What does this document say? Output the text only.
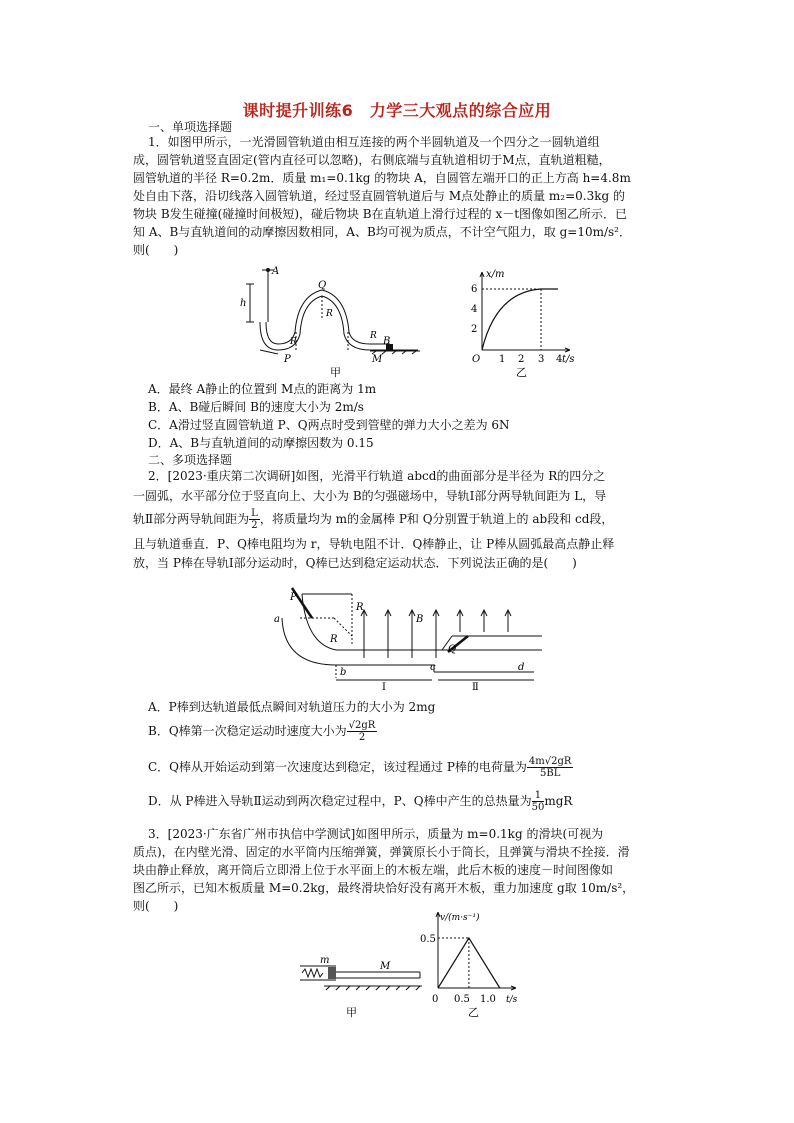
课时提升训练6　力学三大观点的综合应用
一、单项选择题
1．如图甲所示，一光滑圆管轨道由相互连接的两个半圆轨道及一个四分之一圆轨道组
成，圆管轨道竖直固定(管内直径可以忽略)，右侧底端与直轨道相切于M点，直轨道粗糙，
圆管轨道的半径 R=0.2m．质量 m₁=0.1kg 的物块 A，自圆管左端开口的正上方高 h=4.8m
处自由下落，沿切线落入圆管轨道，经过竖直圆管轨道后与 M点处静止的质量 m₂=0.3kg 的
物块 B发生碰撞(碰撞时间极短)，碰后物块 B在直轨道上滑行过程的 x－t图像如图乙所示．已
知 A、B与直轨道间的动摩擦因数相同，A、B均可视为质点，不计空气阻力，取 g=10m/s²．
则(　　)
A
h
R
R
R
Q
P	M
B
甲
x/m
6
4
2
O 1 2 3 4 t/s
乙
A．最终 A静止的位置到 M点的距离为 1m
B．A、B碰后瞬间 B的速度大小为 2m/s
C．A滑过竖直圆管轨道 P、Q两点时受到管壁的弹力大小之差为 6N
D．A、B与直轨道间的动摩擦因数为 0.15
二、多项选择题
2．[2023·重庆第二次调研]如图，光滑平行轨道 abcd的曲面部分是半径为 R的四分之
一圆弧，水平部分位于竖直向上、大小为 B的匀强磁场中，导轨Ⅰ部分两导轨间距为 L，导
轨Ⅱ部分两导轨间距为 $\frac{L}{2}$ ，将质量均为 m的金属棒 P和 Q分别置于轨道上的 ab段和 cd段，
且与轨道垂直．P、Q棒电阻均为 r，导轨电阻不计．Q棒静止，让 P棒从圆弧最高点静止释
放，当 P棒在导轨Ⅰ部分运动时，Q棒已达到稳定运动状态．下列说法正确的是(　　)
P
a
R
R
B
Q
b	c	d
Ⅰ	Ⅱ
A．P棒到达轨道最低点瞬间对轨道压力的大小为 2mg
B．Q棒第一次稳定运动时速度大小为 $\frac{√2gR}{2}$
C．Q棒从开始运动到第一次速度达到稳定，该过程通过 P棒的电荷量为 $\frac{4m√2gR}{5BL}$
D．从 P棒进入导轨Ⅱ运动到两次稳定过程中，P、Q棒中产生的总热量为 $\frac{1}{50}$ mgR
3．[2023·广东省广州市执信中学测试]如图甲所示，质量为 m=0.1kg 的滑块(可视为
质点)，在内壁光滑、固定的水平筒内压缩弹簧，弹簧原长小于筒长，且弹簧与滑块不拴接．滑
块由静止释放，离开筒后立即滑上位于水平面上的木板左端，此后木板的速度－时间图像如
图乙所示，已知木板质量 M=0.2kg，最终滑块恰好没有离开木板，重力加速度 g取 10m/s²，
则(　　)
m
M
甲
v/(m·s⁻¹)
0.5
0 0.5 1.0 t/s
乙
